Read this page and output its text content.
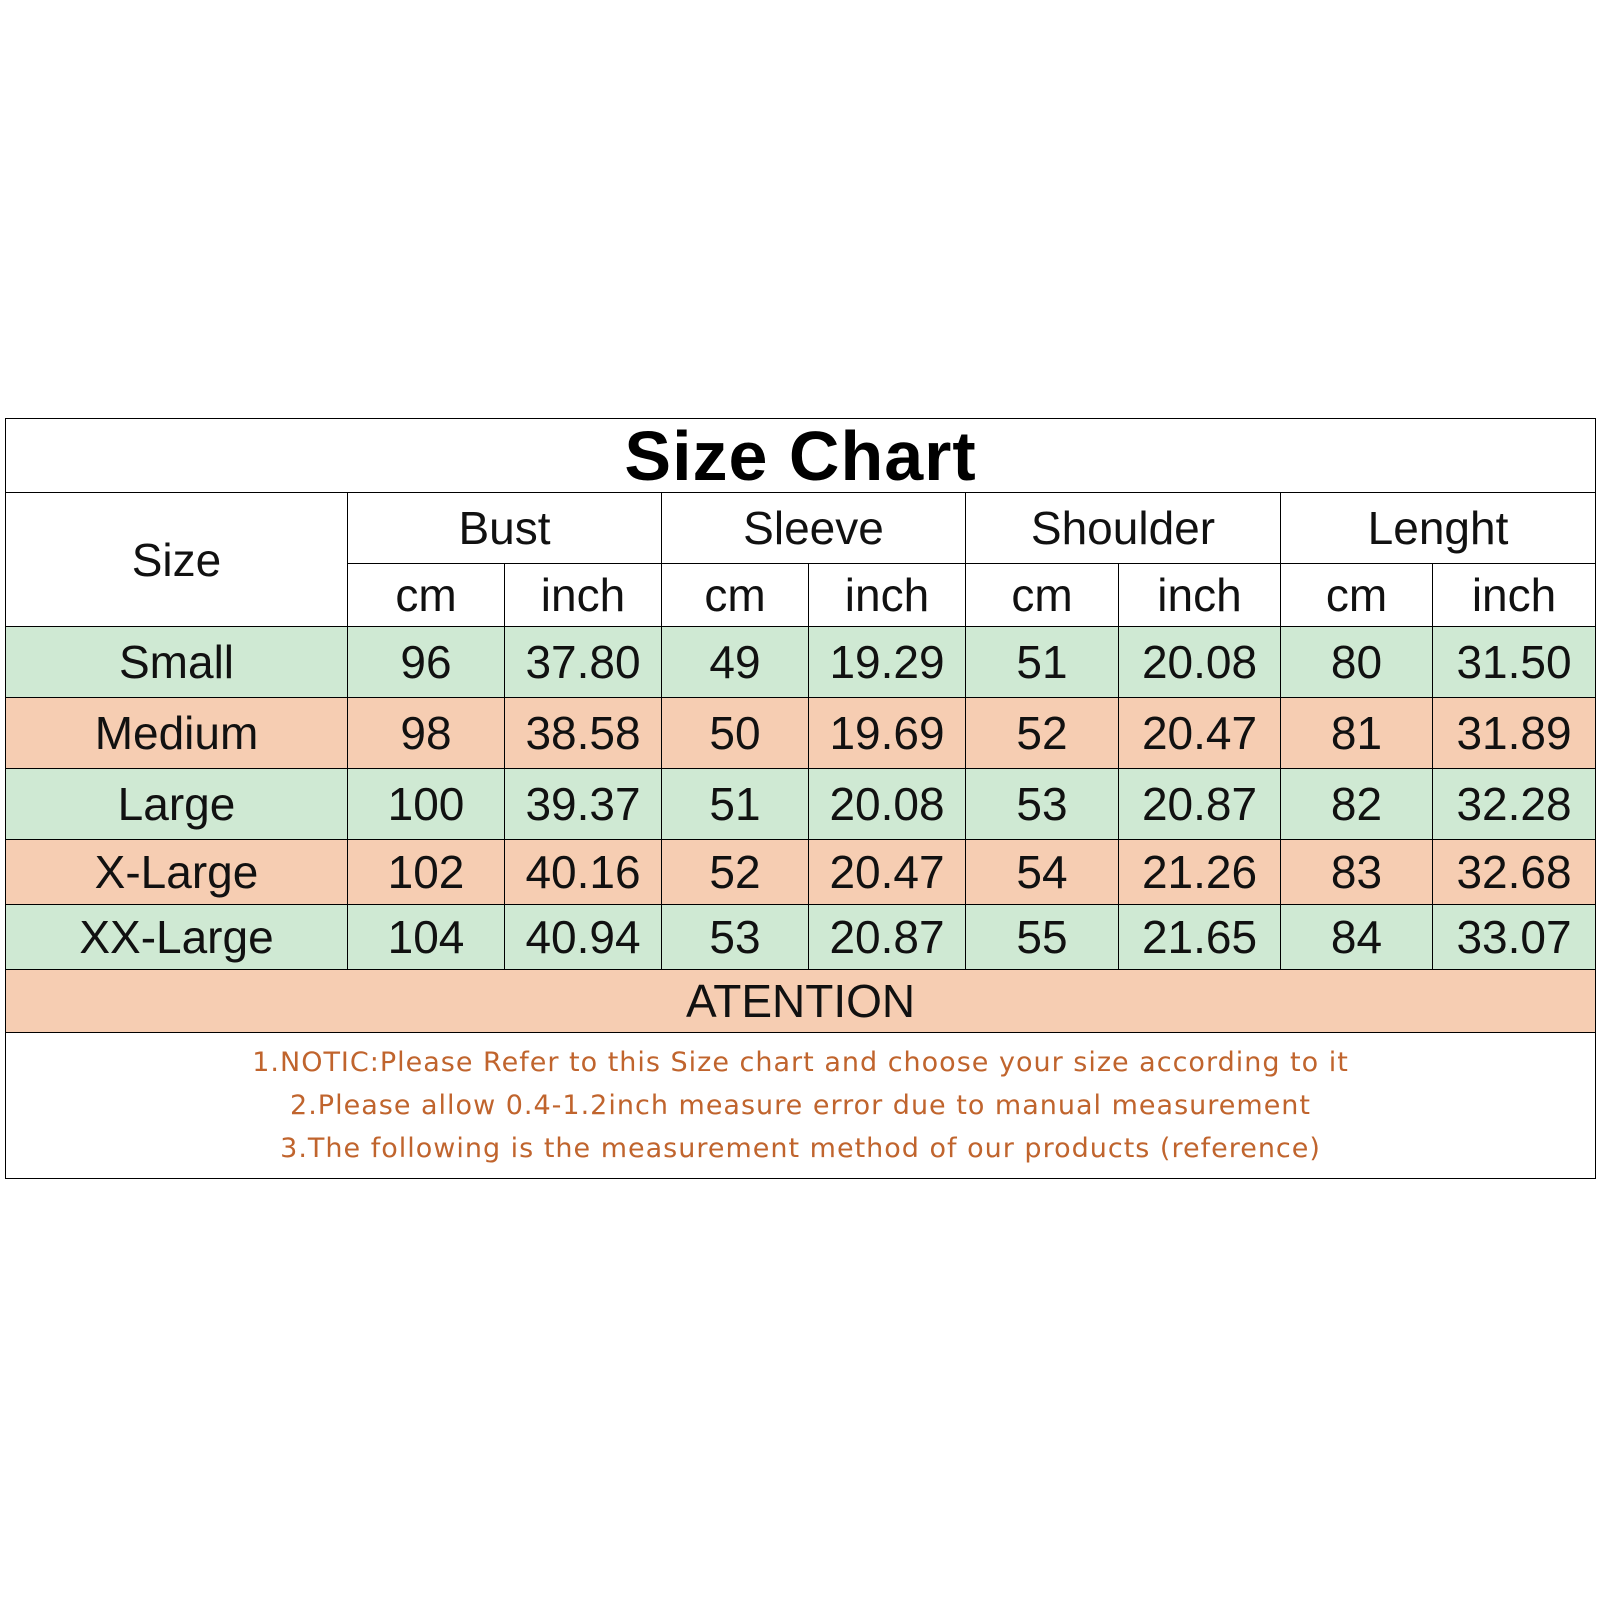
Size Chart								
Size	Bust		Sleeve		Shoulder		Lenght	
	cm	inch	cm	inch	cm	inch	cm	inch
Small	96	37.80	49	19.29	51	20.08	80	31.50
Medium	98	38.58	50	19.69	52	20.47	81	31.89
Large	100	39.37	51	20.08	53	20.87	82	32.28
X-Large	102	40.16	52	20.47	54	21.26	83	32.68
XX-Large	104	40.94	53	20.87	55	21.65	84	33.07
ATENTION								

1.NOTIC:Please Refer to this Size chart and choose your size according to it
2.Please allow 0.4-1.2inch measure error due to manual measurement
3.The following is the measurement method of our products (reference)								
